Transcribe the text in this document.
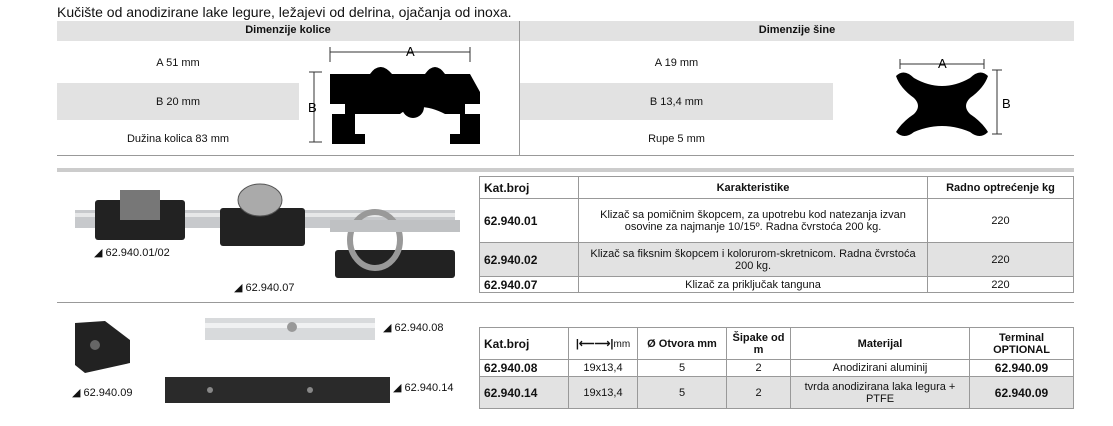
Kučište od anodizirane lake legure, ležajevi od delrina, ojačanja od inoxa.
Dimenzije kolice	Dimenzije šine
A 51 mm
B 20 mm
Dužina kolica 83 mm
A 19 mm
B 13,4 mm
Rupe 5 mm
A
B
A
B
◢ 62.940.01/02
◢ 62.940.07
Kat.broj	Karakteristike	Radno optrećenje kg
62.940.01	Klizač sa pomičnim škopcem, za upotrebu kod natezanja izvan osovine za najmanje 10/15º. Radna čvrstoća 200 kg.	220
62.940.02	Klizač sa fiksnim škopcem i kolorurom-skretnicom. Radna čvrstoća 200 kg.	220
62.940.07	Klizač za priključak tanguna	220
◢ 62.940.08
◢ 62.940.09	◢ 62.940.14
Kat.broj	|⟵⟶|mm	Ø Otvora mm	Šipake od m	Materijal	Terminal OPTIONAL
62.940.08	19x13,4	5	2	Anodizirani aluminij	62.940.09
62.940.14	19x13,4	5	2	tvrda anodizirana laka legura + PTFE	62.940.09
